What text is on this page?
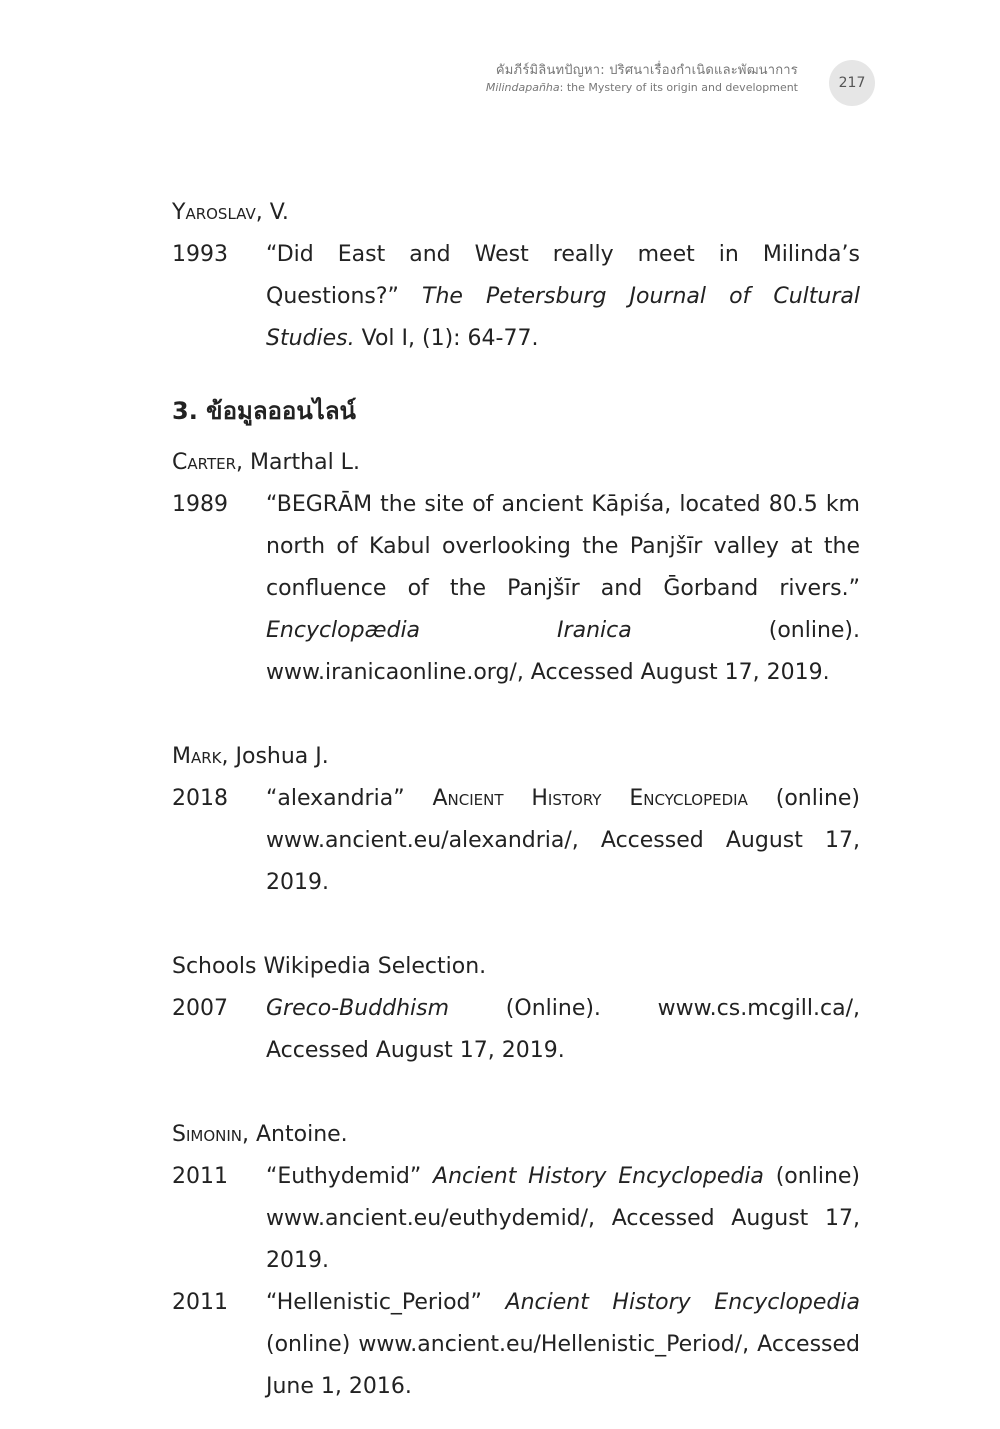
คัมภีร์มิลินทปัญหา: ปริศนาเรื่องกำเนิดและพัฒนาการ
Milindapañha: the Mystery of its origin and development	217
Yaroslav, V.
1993	“Did East and West really meet in Milinda’s Questions?” The Petersburg Journal of Cultural Studies. Vol I, (1): 64-77.
3. ข้อมูลออนไลน์
Carter, Marthal L.
1989	“BEGRĀM the site of ancient Kāpiśa, located 80.5 km north of Kabul overlooking the Panjšīr valley at the confluence of the Panjšīr and Ḡorband rivers.” Encyclopædia Iranica (online). www.iranicaonline.org/, Accessed August 17, 2019.
Mark, Joshua J.
2018	“alexandria” Ancient History Encyclopedia (online) www.ancient.eu/alexandria/, Accessed August 17, 2019.
Schools Wikipedia Selection.
2007	Greco-Buddhism (Online). www.cs.mcgill.ca/, Accessed August 17, 2019.
Simonin, Antoine.
2011	“Euthydemid” Ancient History Encyclopedia (online) www.ancient.eu/euthydemid/, Accessed August 17, 2019.
2011	“Hellenistic_Period” Ancient History Encyclopedia (online) www.ancient.eu/Hellenistic_Period/, Accessed June 1, 2016.
